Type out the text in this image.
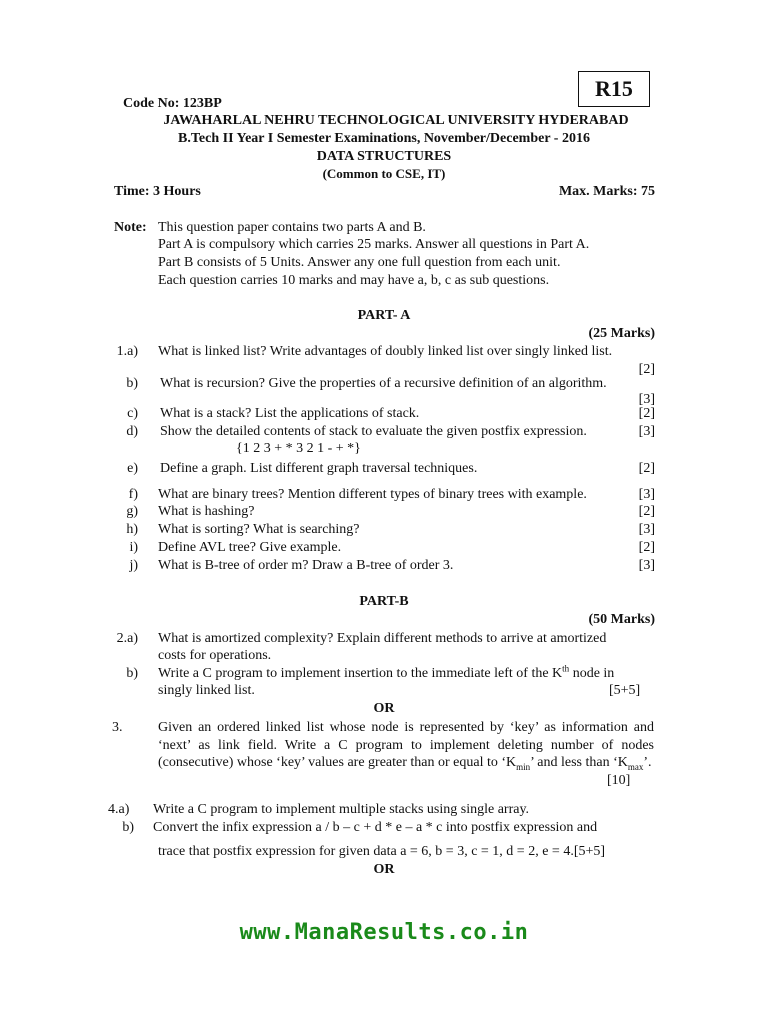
Code No: 123BP
R15
JAWAHARLAL NEHRU TECHNOLOGICAL UNIVERSITY HYDERABAD
B.Tech II Year I Semester Examinations, November/December - 2016
DATA STRUCTURES
(Common to CSE, IT)
Time: 3 Hours	Max. Marks: 75
Note: This question paper contains two parts A and B.
Part A is compulsory which carries 25 marks. Answer all questions in Part A.
Part B consists of 5 Units. Answer any one full question from each unit.
Each question carries 10 marks and may have a, b, c as sub questions.
PART- A
(25 Marks)
1.a) What is linked list? Write advantages of doubly linked list over singly linked list.
[2]
b) What is recursion? Give the properties of a recursive definition of an algorithm.
[3]
c) What is a stack? List the applications of stack.	[2]
d) Show the detailed contents of stack to evaluate the given postfix expression.	[3]
{1 2 3 + * 3 2 1 - + *}
e) Define a graph. List different graph traversal techniques.	[2]
f) What are binary trees? Mention different types of binary trees with example.	[3]
g) What is hashing?	[2]
h) What is sorting? What is searching?	[3]
i) Define AVL tree? Give example.	[2]
j) What is B-tree of order m? Draw a B-tree of order 3.	[3]
PART-B
(50 Marks)
2.a) What is amortized complexity? Explain different methods to arrive at amortized
costs for operations.
b) Write a C program to implement insertion to the immediate left of the $K^{th}$ node in
singly linked list.	[5+5]
OR
3.	Given an ordered linked list whose node is represented by ‘key’ as information and ‘next’ as link field. Write a C program to implement deleting number of nodes (consecutive) whose ‘key’ values are greater than or equal to ‘$K_{min}$’ and less than ‘$K_{max}$’.
[10]
4.a) Write a C program to implement multiple stacks using single array.
b) Convert the infix expression a / b – c + d * e – a * c into postfix expression and
trace that postfix expression for given data a = 6, b = 3, c = 1, d = 2, e = 4.[5+5]
OR
www.ManaResults.co.in
